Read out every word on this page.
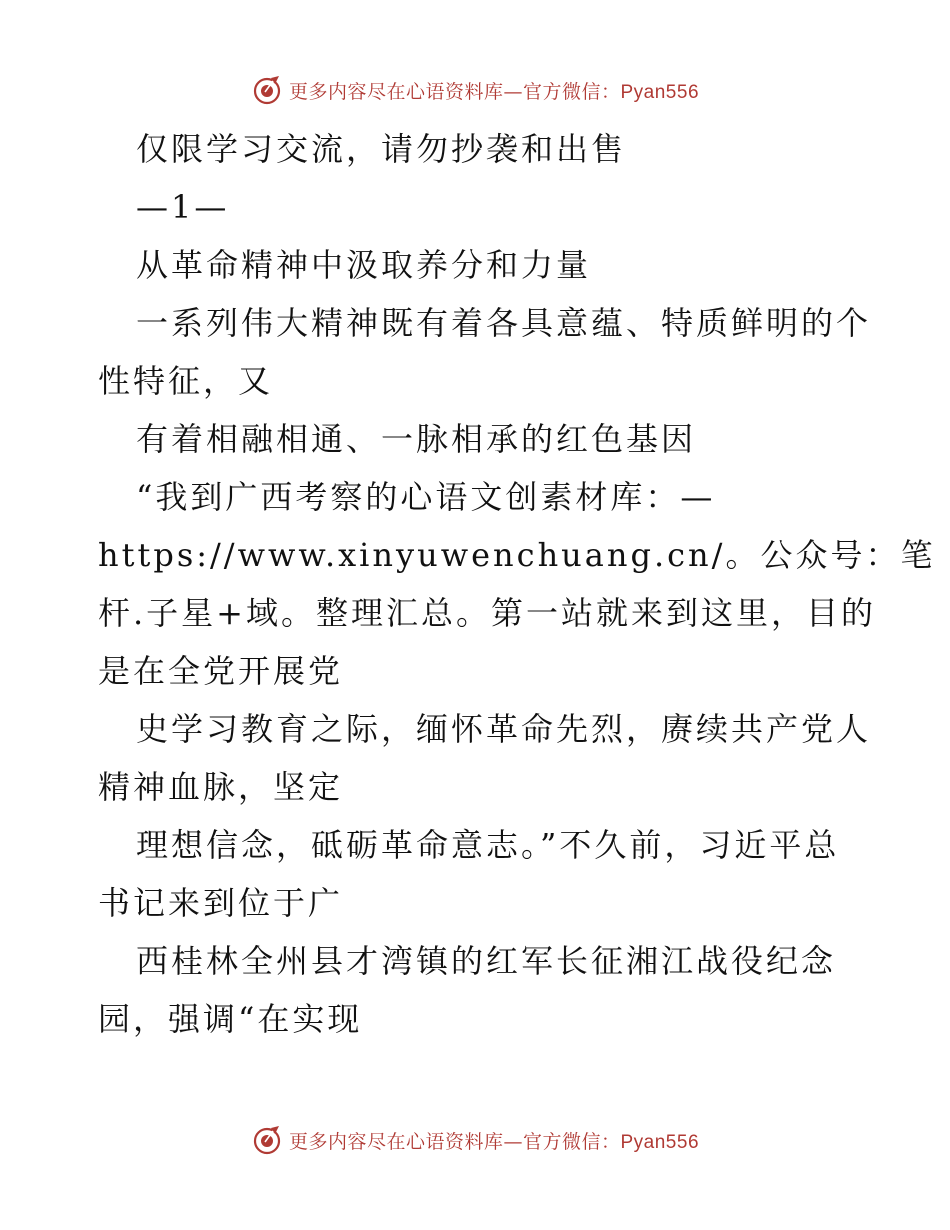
更多内容尽在心语资料库—官方微信：Pyan556
仅限学习交流，请勿抄袭和出售
—1—
从革命精神中汲取养分和力量
一系列伟大精神既有着各具意蕴、特质鲜明的个
性特征，又
有着相融相通、一脉相承的红色基因
“我到广西考察的心语文创素材库：—
https://www.xinyuwenchuang.cn/。公众号：笔
杆.子星+域。整理汇总。第一站就来到这里，目的
是在全党开展党
史学习教育之际，缅怀革命先烈，赓续共产党人
精神血脉，坚定
理想信念，砥砺革命意志。”不久前，习近平总
书记来到位于广
西桂林全州县才湾镇的红军长征湘江战役纪念
园，强调“在实现
更多内容尽在心语资料库—官方微信：Pyan556
